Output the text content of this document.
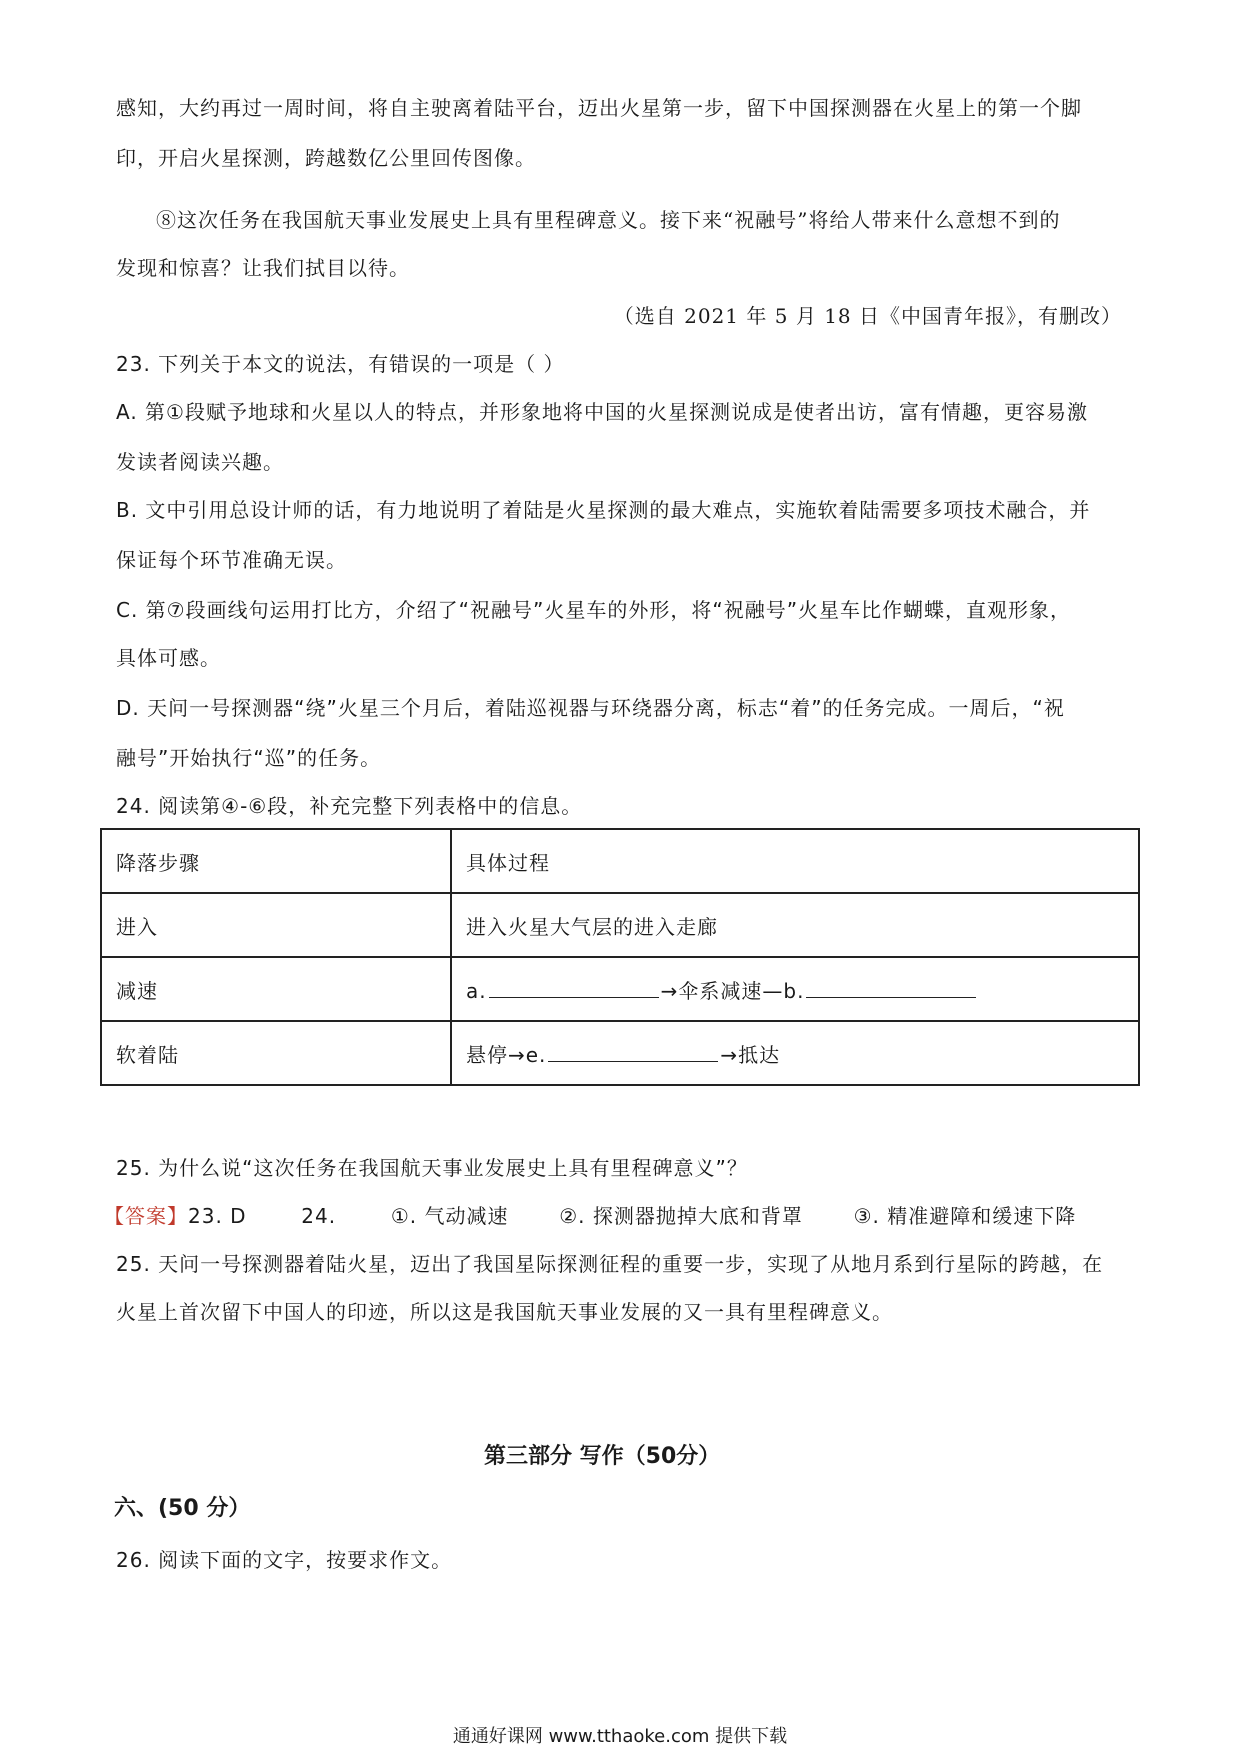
感知，大约再过一周时间，将自主驶离着陆平台，迈出火星第一步，留下中国探测器在火星上的第一个脚
印，开启火星探测，跨越数亿公里回传图像。
⑧这次任务在我国航天事业发展史上具有里程碑意义。接下来“祝融号”将给人带来什么意想不到的
发现和惊喜？让我们拭目以待。
（选自 2021 年 5 月 18 日《中国青年报》，有删改）
23. 下列关于本文的说法，有错误的一项是（ ）
A. 第①段赋予地球和火星以人的特点，并形象地将中国的火星探测说成是使者出访，富有情趣，更容易激
发读者阅读兴趣。
B. 文中引用总设计师的话，有力地说明了着陆是火星探测的最大难点，实施软着陆需要多项技术融合，并
保证每个环节准确无误。
C. 第⑦段画线句运用打比方，介绍了“祝融号”火星车的外形，将“祝融号”火星车比作蝴蝶，直观形象，
具体可感。
D. 天问一号探测器“绕”火星三个月后，着陆巡视器与环绕器分离，标志“着”的任务完成。一周后，“祝
融号”开始执行“巡”的任务。
24. 阅读第④-⑥段，补充完整下列表格中的信息。
降落步骤	具体过程
进入	进入火星大气层的进入走廊
减速	a. →伞系减速—b.
软着陆	悬停→e. →抵达
25. 为什么说“这次任务在我国航天事业发展史上具有里程碑意义”？
【答案】23. D	24.	①. 气动减速	②. 探测器抛掉大底和背罩	③. 精准避障和缓速下降
25. 天问一号探测器着陆火星，迈出了我国星际探测征程的重要一步，实现了从地月系到行星际的跨越，在
火星上首次留下中国人的印迹，所以这是我国航天事业发展的又一具有里程碑意义。
第三部分 写作（50分）
六、(50 分）
26. 阅读下面的文字，按要求作文。
通通好课网 www.tthaoke.com 提供下载
